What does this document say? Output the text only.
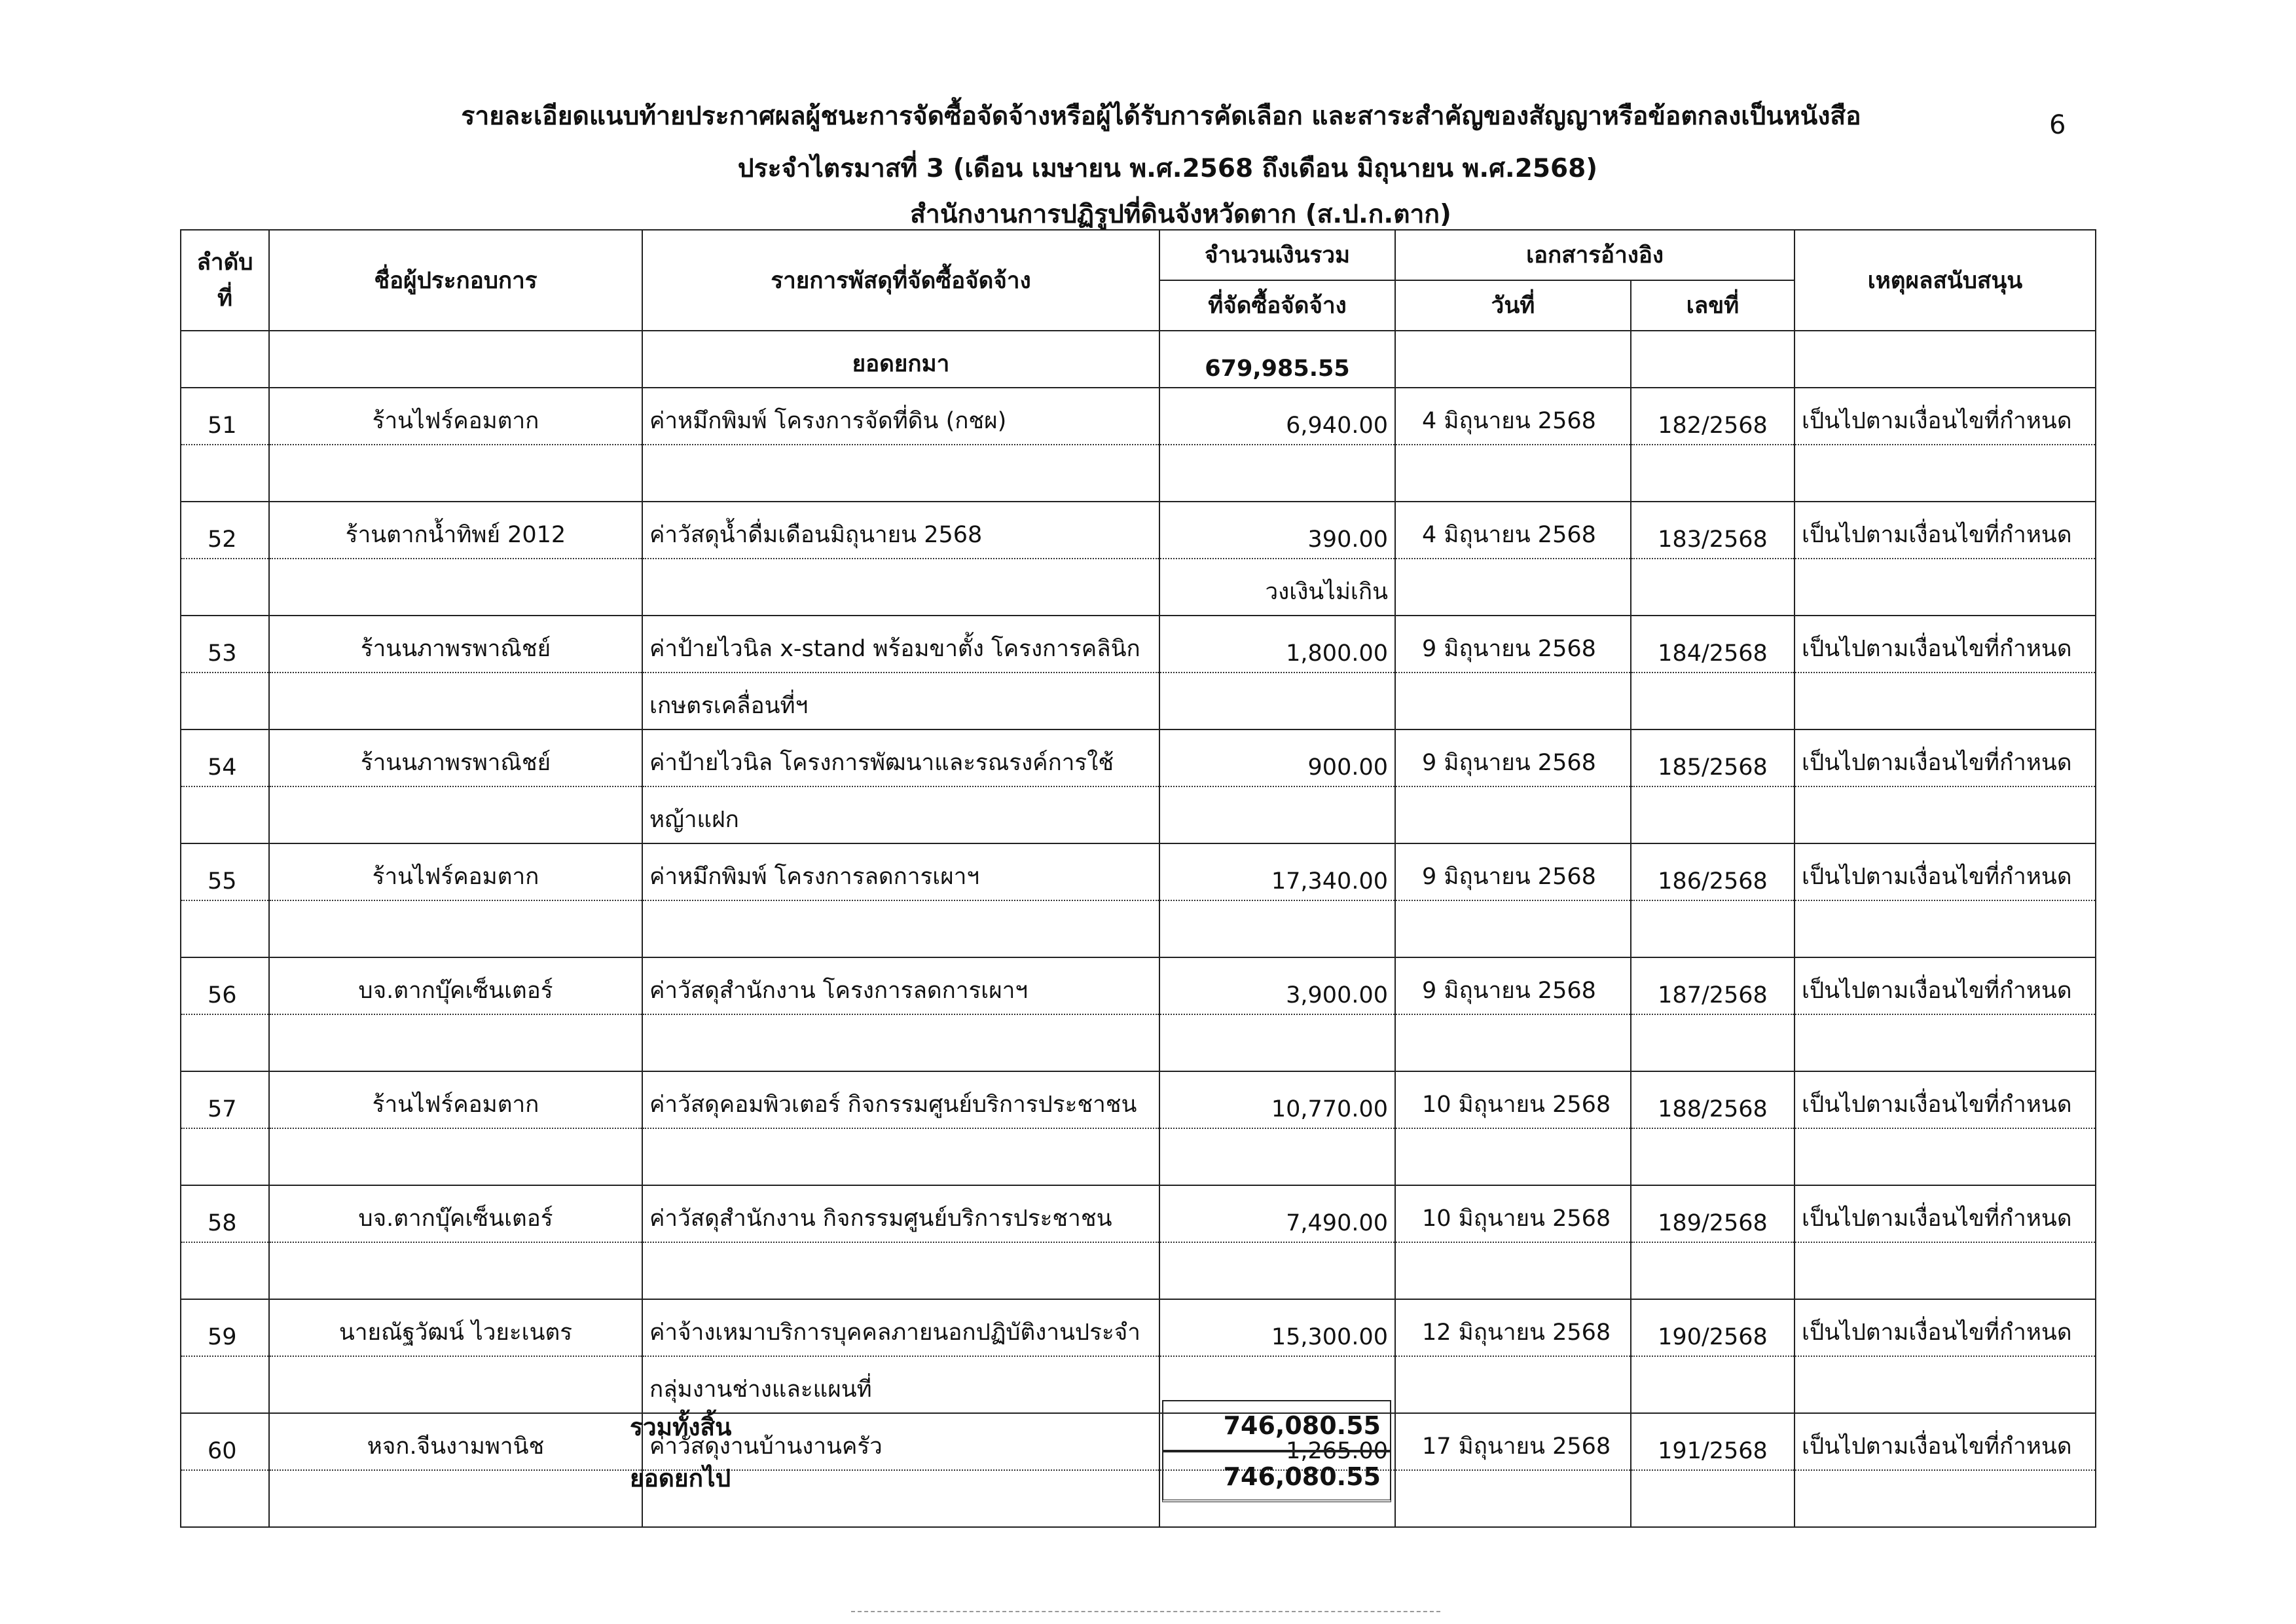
6
รายละเอียดแนบท้ายประกาศผลผู้ชนะการจัดซื้อจัดจ้างหรือผู้ได้รับการคัดเลือก และสาระสำคัญของสัญญาหรือข้อตกลงเป็นหนังสือ
ประจำไตรมาสที่ 3 (เดือน เมษายน พ.ศ.2568 ถึงเดือน มิถุนายน พ.ศ.2568)
สำนักงานการปฏิรูปที่ดินจังหวัดตาก (ส.ป.ก.ตาก)
ลำดับ ที่	ชื่อผู้ประกอบการ	รายการพัสดุที่จัดซื้อจัดจ้าง	จำนวนเงินรวม	เอกสารอ้างอิง		เหตุผลสนับสนุน
			ที่จัดซื้อจัดจ้าง	วันที่	เลขที่	
		ยอดยกมา	679,985.55			
51	ร้านไฟร์คอมตาก	ค่าหมึกพิมพ์ โครงการจัดที่ดิน (กชผ)	6,940.00	4 มิถุนายน 2568	182/2568	เป็นไปตามเงื่อนไขที่กำหนด

52	ร้านตากน้ำทิพย์ 2012	ค่าวัสดุน้ำดื่มเดือนมิถุนายน 2568	390.00	4 มิถุนายน 2568	183/2568	เป็นไปตามเงื่อนไขที่กำหนด
			วงเงินไม่เกิน			
53	ร้านนภาพรพาณิชย์	ค่าป้ายไวนิล x-stand พร้อมขาตั้ง โครงการคลินิก	1,800.00	9 มิถุนายน 2568	184/2568	เป็นไปตามเงื่อนไขที่กำหนด
		เกษตรเคลื่อนที่ฯ				
54	ร้านนภาพรพาณิชย์	ค่าป้ายไวนิล โครงการพัฒนาและรณรงค์การใช้	900.00	9 มิถุนายน 2568	185/2568	เป็นไปตามเงื่อนไขที่กำหนด
		หญ้าแฝก				
55	ร้านไฟร์คอมตาก	ค่าหมึกพิมพ์ โครงการลดการเผาฯ	17,340.00	9 มิถุนายน 2568	186/2568	เป็นไปตามเงื่อนไขที่กำหนด

56	บจ.ตากบุ๊คเซ็นเตอร์	ค่าวัสดุสำนักงาน โครงการลดการเผาฯ	3,900.00	9 มิถุนายน 2568	187/2568	เป็นไปตามเงื่อนไขที่กำหนด

57	ร้านไฟร์คอมตาก	ค่าวัสดุคอมพิวเตอร์ กิจกรรมศูนย์บริการประชาชน	10,770.00	10 มิถุนายน 2568	188/2568	เป็นไปตามเงื่อนไขที่กำหนด

58	บจ.ตากบุ๊คเซ็นเตอร์	ค่าวัสดุสำนักงาน กิจกรรมศูนย์บริการประชาชน	7,490.00	10 มิถุนายน 2568	189/2568	เป็นไปตามเงื่อนไขที่กำหนด

59	นายณัฐวัฒน์ ไวยะเนตร	ค่าจ้างเหมาบริการบุคคลภายนอกปฏิบัติงานประจำ	15,300.00	12 มิถุนายน 2568	190/2568	เป็นไปตามเงื่อนไขที่กำหนด
		กลุ่มงานช่างและแผนที่				
60	หจก.จีนงามพานิช	ค่าวัสดุงานบ้านงานครัว	1,265.00	17 มิถุนายน 2568	191/2568	เป็นไปตามเงื่อนไขที่กำหนด

รวมทั้งสิ้น	746,080.55
ยอดยกไป	746,080.55
